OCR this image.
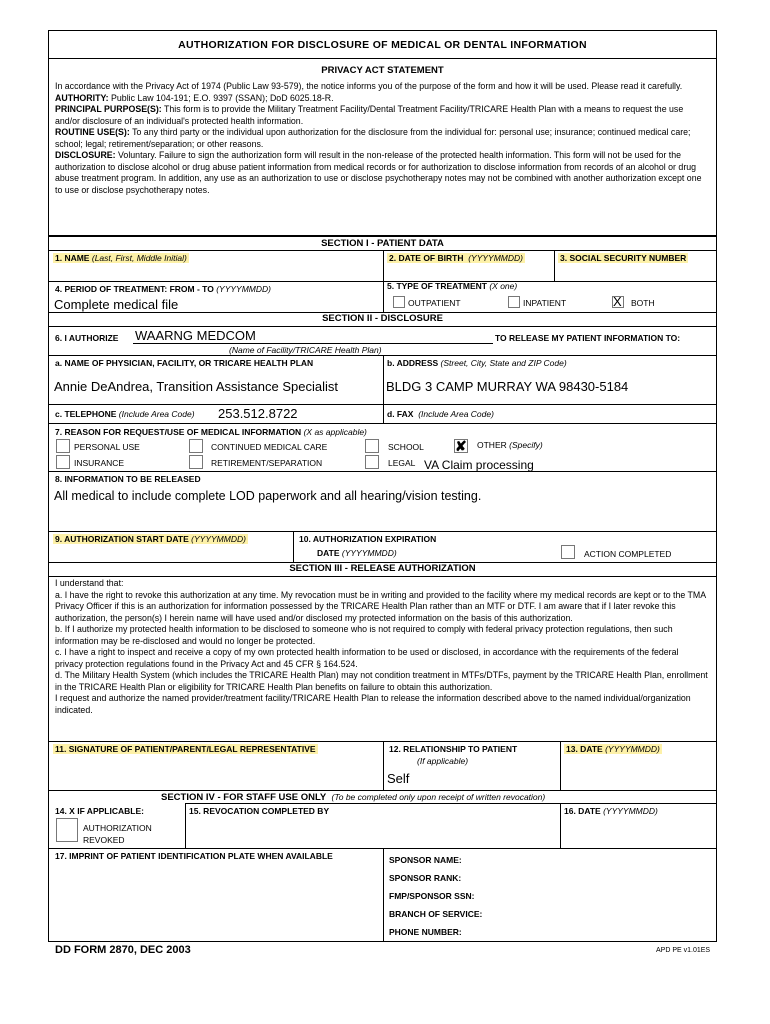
AUTHORIZATION FOR DISCLOSURE OF MEDICAL OR DENTAL INFORMATION
PRIVACY ACT STATEMENT
In accordance with the Privacy Act of 1974 (Public Law 93-579), the notice informs you of the purpose of the form and how it will be used. Please read it carefully.
AUTHORITY: Public Law 104-191; E.O. 9397 (SSAN); DoD 6025.18-R.
PRINCIPAL PURPOSE(S): This form is to provide the Military Treatment Facility/Dental Treatment Facility/TRICARE Health Plan with a means to request the use and/or disclosure of an individual's protected health information.
ROUTINE USE(S): To any third party or the individual upon authorization for the disclosure from the individual for: personal use; insurance; continued medical care; school; legal; retirement/separation; or other reasons.
DISCLOSURE: Voluntary. Failure to sign the authorization form will result in the non-release of the protected health information. This form will not be used for the authorization to disclose alcohol or drug abuse patient information from medical records or for authorization to disclose information from records of an alcohol or drug abuse treatment program. In addition, any use as an authorization to use or disclose psychotherapy notes may not be combined with another authorization except one to use or disclose psychotherapy notes.
SECTION I - PATIENT DATA
1. NAME (Last, First, Middle Initial)	2. DATE OF BIRTH (YYYYMMDD)	3. SOCIAL SECURITY NUMBER
4. PERIOD OF TREATMENT: FROM - TO (YYYYMMDD)
Complete medical file
5. TYPE OF TREATMENT (X one)
OUTPATIENT	INPATIENT	X BOTH
SECTION II - DISCLOSURE
6. I AUTHORIZE WAARNG MEDCOM	TO RELEASE MY PATIENT INFORMATION TO:
(Name of Facility/TRICARE Health Plan)
a. NAME OF PHYSICIAN, FACILITY, OR TRICARE HEALTH PLAN
Annie DeAndrea, Transition Assistance Specialist
b. ADDRESS (Street, City, State and ZIP Code)
BLDG 3 CAMP MURRAY WA 98430-5184
c. TELEPHONE (Include Area Code) 253.512.8722	d. FAX (Include Area Code)
7. REASON FOR REQUEST/USE OF MEDICAL INFORMATION (X as applicable)
PERSONAL USE	CONTINUED MEDICAL CARE	SCHOOL ✘ OTHER (Specify)
INSURANCE	RETIREMENT/SEPARATION	LEGAL VA Claim processing
8. INFORMATION TO BE RELEASED
All medical to include complete LOD paperwork and all hearing/vision testing.
9. AUTHORIZATION START DATE (YYYYMMDD)	10. AUTHORIZATION EXPIRATION
DATE (YYYYMMDD)	ACTION COMPLETED
SECTION III - RELEASE AUTHORIZATION
I understand that:
a. I have the right to revoke this authorization at any time. My revocation must be in writing and provided to the facility where my medical records are kept or to the TMA Privacy Officer if this is an authorization for information possessed by the TRICARE Health Plan rather than an MTF or DTF. I am aware that if I later revoke this authorization, the person(s) I herein name will have used and/or disclosed my protected information on the basis of this authorization.
b. If I authorize my protected health information to be disclosed to someone who is not required to comply with federal privacy protection regulations, then such information may be re-disclosed and would no longer be protected.
c. I have a right to inspect and receive a copy of my own protected health information to be used or disclosed, in accordance with the requirements of the federal privacy protection regulations found in the Privacy Act and 45 CFR § 164.524.
d. The Military Health System (which includes the TRICARE Health Plan) may not condition treatment in MTFs/DTFs, payment by the TRICARE Health Plan, enrollment in the TRICARE Health Plan or eligibility for TRICARE Health Plan benefits on failure to obtain this authorization.
I request and authorize the named provider/treatment facility/TRICARE Health Plan to release the information described above to the named individual/organization indicated.
11. SIGNATURE OF PATIENT/PARENT/LEGAL REPRESENTATIVE	12. RELATIONSHIP TO PATIENT
(If applicable)
Self
13. DATE (YYYYMMDD)
SECTION IV - FOR STAFF USE ONLY (To be completed only upon receipt of written revocation)
14. X IF APPLICABLE:
AUTHORIZATION
REVOKED
15. REVOCATION COMPLETED BY	16. DATE (YYYYMMDD)
17. IMPRINT OF PATIENT IDENTIFICATION PLATE WHEN AVAILABLE	SPONSOR NAME:
SPONSOR RANK:
FMP/SPONSOR SSN:
BRANCH OF SERVICE:
PHONE NUMBER:
DD FORM 2870, DEC 2003	APD PE v1.01ES
